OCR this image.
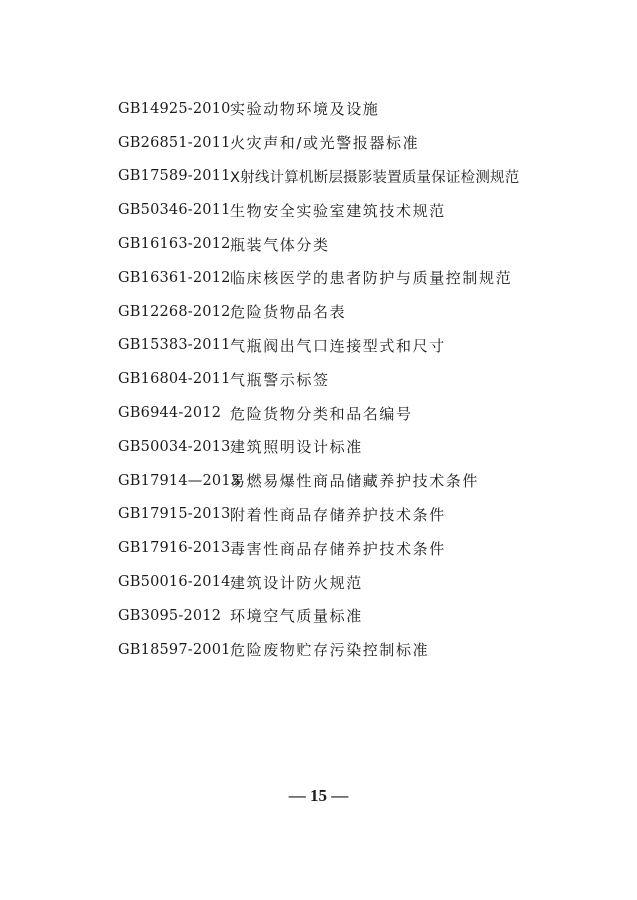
GB14925-2010 实验动物环境及设施
GB26851-2011 火灾声和/或光警报器标准
GB17589-2011 X射线计算机断层摄影装置质量保证检测规范
GB50346-2011 生物安全实验室建筑技术规范
GB16163-2012 瓶装气体分类
GB16361-2012 临床核医学的患者防护与质量控制规范
GB12268-2012 危险货物品名表
GB15383-2011 气瓶阀出气口连接型式和尺寸
GB16804-2011 气瓶警示标签
GB6944-2012 危险货物分类和品名编号
GB50034-2013 建筑照明设计标准
GB17914—2013
易燃易爆性商品储藏养护技术条件
GB17915-2013 附着性商品存储养护技术条件
GB17916-2013 毒害性商品存储养护技术条件
GB50016-2014 建筑设计防火规范
GB3095-2012 环境空气质量标准
GB18597-2001 危险废物贮存污染控制标准
— 15 —
